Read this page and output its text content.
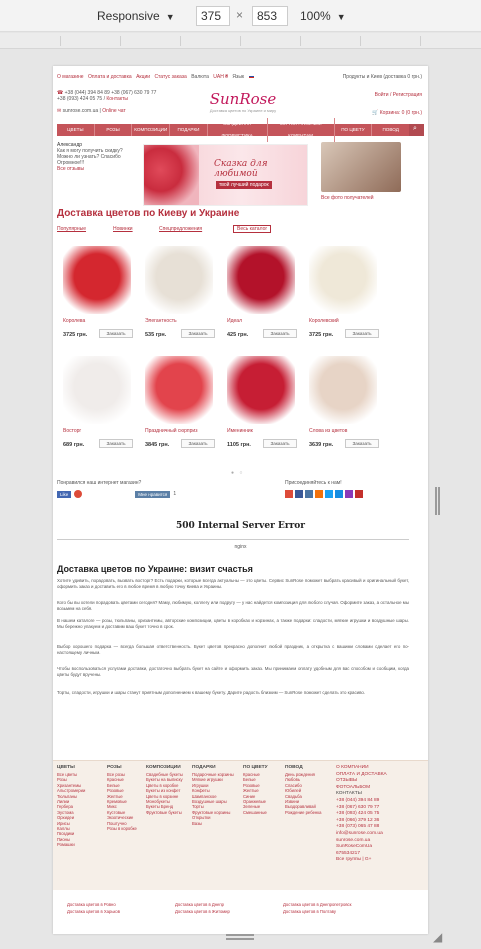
Responsive ▼	375	×	853	100% ▼
О магазине Оплата и доставка Акции Статус заказа Валюта UAH ₴ Язык	Продукты и Киев (доставка 0 грн.)
☎ +38 (044) 394 84 89 +38 (067) 630 79 77
+38 (093) 424 05 75 / Контакты

✉ sunrose.com.ua | Online чат
SunRose
Доставка цветов по Украине и миру
Войти / Регистрация

🛒 Корзина: 0 (0 грн.)
ЦВЕТЫ	РОЗЫ	КОМПОЗИЦИИ	ПОДАРКИ
СВАДЕБНАЯ ФЛОРИСТИКА
КОРПОРАТИВНЫМ КЛИЕНТАМ
ПО ЦВЕТУ	ПОВОД	⌕
Александр
Как я могу получить скидку? Можно ли узнать? Спасибо Огромное!!!
Все отзывы	Сказка для
любимой
твой лучший подарок
Все фото получателей
Доставка цветов по Киеву и Украине
Популярные	Новинки	Спецпредложения	Весь каталог
Королева
3725 грн.	Заказать
Элегантность
535 грн.	Заказать
Идеал
425 грн.	Заказать
Королевский
3725 грн.	Заказать
Восторг
689 грн.	Заказать
Праздничный сюрприз
3845 грн.	Заказать
Именинник
1105 грн.	Заказать
Слова из цветов
3639 грн.	Заказать
● ○
Понравился наш интернет магазин?
Like	Мне нравится	1
Присоединяйтесь к нам!
500 Internal Server Error
nginx
Доставка цветов по Украине: визит счастья
Хотите удивить, порадовать, вызвать восторг? Есть подарки, которые всегда актуальны — это цветы. Сервис SunRose поможет выбрать красивый и оригинальный букет, оформить заказ и доставить его в любое время в любую точку Киева и Украины.
Кого бы вы хотели порадовать цветами сегодня? Маму, любимую, коллегу или подругу — у нас найдется композиция для любого случая. Оформите заказ, а остальное мы возьмем на себя.
В нашем каталоге — розы, тюльпаны, хризантемы, авторские композиции, цветы в коробках и корзинах, а также подарки: сладости, мягкие игрушки и воздушные шары. Мы бережно упакуем и доставим ваш букет точно в срок.
Выбор хорошего подарка — всегда большая ответственность. Букет цветов прекрасно дополнит любой праздник, а открытка с вашими словами сделает его по-настоящему личным.
Чтобы воспользоваться услугами доставки, достаточно выбрать букет на сайте и оформить заказ. Мы принимаем оплату удобным для вас способом и сообщим, когда цветы будут вручены.
Торты, сладости, игрушки и шары станут приятным дополнением к вашему букету. Дарите радость близким — SunRose поможет сделать это красиво.
ЦВЕТЫ
Все цветы
Розы
Хризантемы
Альстромерии
Тюльпаны
Лилии
Гербера
Эустома
Орхидеи
Ирисы
Каллы
Гвоздики
Пионы
Ромашки
РОЗЫ
Все розы
Красные
Белые
Розовые
Желтые
Кремовые
Микс
Кустовые
Экзотические
Поштучно
Розы в коробке
КОМПОЗИЦИИ
Свадебные букеты
Букеты на выписку
Цветы в коробке
Букеты из конфет
Цветы в корзине
Монобукеты
Букеты Бренд
Фруктовые букеты
ПОДАРКИ
Подарочные корзины
Мягкие игрушки
Игрушки
Конфеты
Шампанское
Воздушные шары
Торты
Фруктовые корзины
Открытки
Вазы
ПО ЦВЕТУ
Красные
Белые
Розовые
Желтые
Синие
Оранжевые
Зеленые
Смешанные
ПОВОД
День рождения
Любовь
Спасибо
Юбилей
Свадьба
Извини
Выздоравливай
Рождение ребенка
О КОМПАНИИ
ОПЛАТА И ДОСТАВКА
ОТЗЫВЫ
ФОТОАЛЬБОМ
КОНТАКТЫ
+38 (044) 394 84 89
+38 (067) 630 79 77
+38 (093) 424 05 75
+38 (066) 379 12 36
+38 (073) 065 47 88
info@sunrose.com.ua
sunrose.com.ua
SunRoseComUa
675534217
Все группы | G+
Доставка цветов в Ровно
Доставка цветов в Харьков
Доставка цветов в Днепр
Доставка цветов в Житомир
Доставка цветов в Днепропетровск
Доставка цветов в Полтаву
◢
